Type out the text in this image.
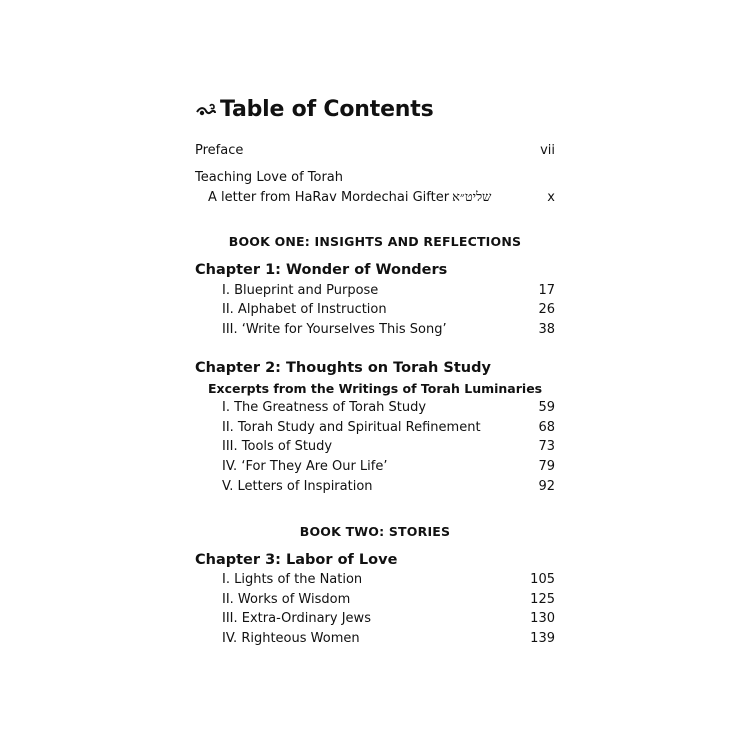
Table of Contents
Preface	vii
Teaching Love of Torah
A letter from HaRav Mordechai Gifter שליט״א	x
BOOK ONE: INSIGHTS AND REFLECTIONS
Chapter 1: Wonder of Wonders
I. Blueprint and Purpose	17
II. Alphabet of Instruction	26
III. ‘Write for Yourselves This Song’	38
Chapter 2: Thoughts on Torah Study
Excerpts from the Writings of Torah Luminaries
I. The Greatness of Torah Study	59
II. Torah Study and Spiritual Refinement	68
III. Tools of Study	73
IV. ‘For They Are Our Life’	79
V. Letters of Inspiration	92
BOOK TWO: STORIES
Chapter 3: Labor of Love
I. Lights of the Nation	105
II. Works of Wisdom	125
III. Extra-Ordinary Jews	130
IV. Righteous Women	139
